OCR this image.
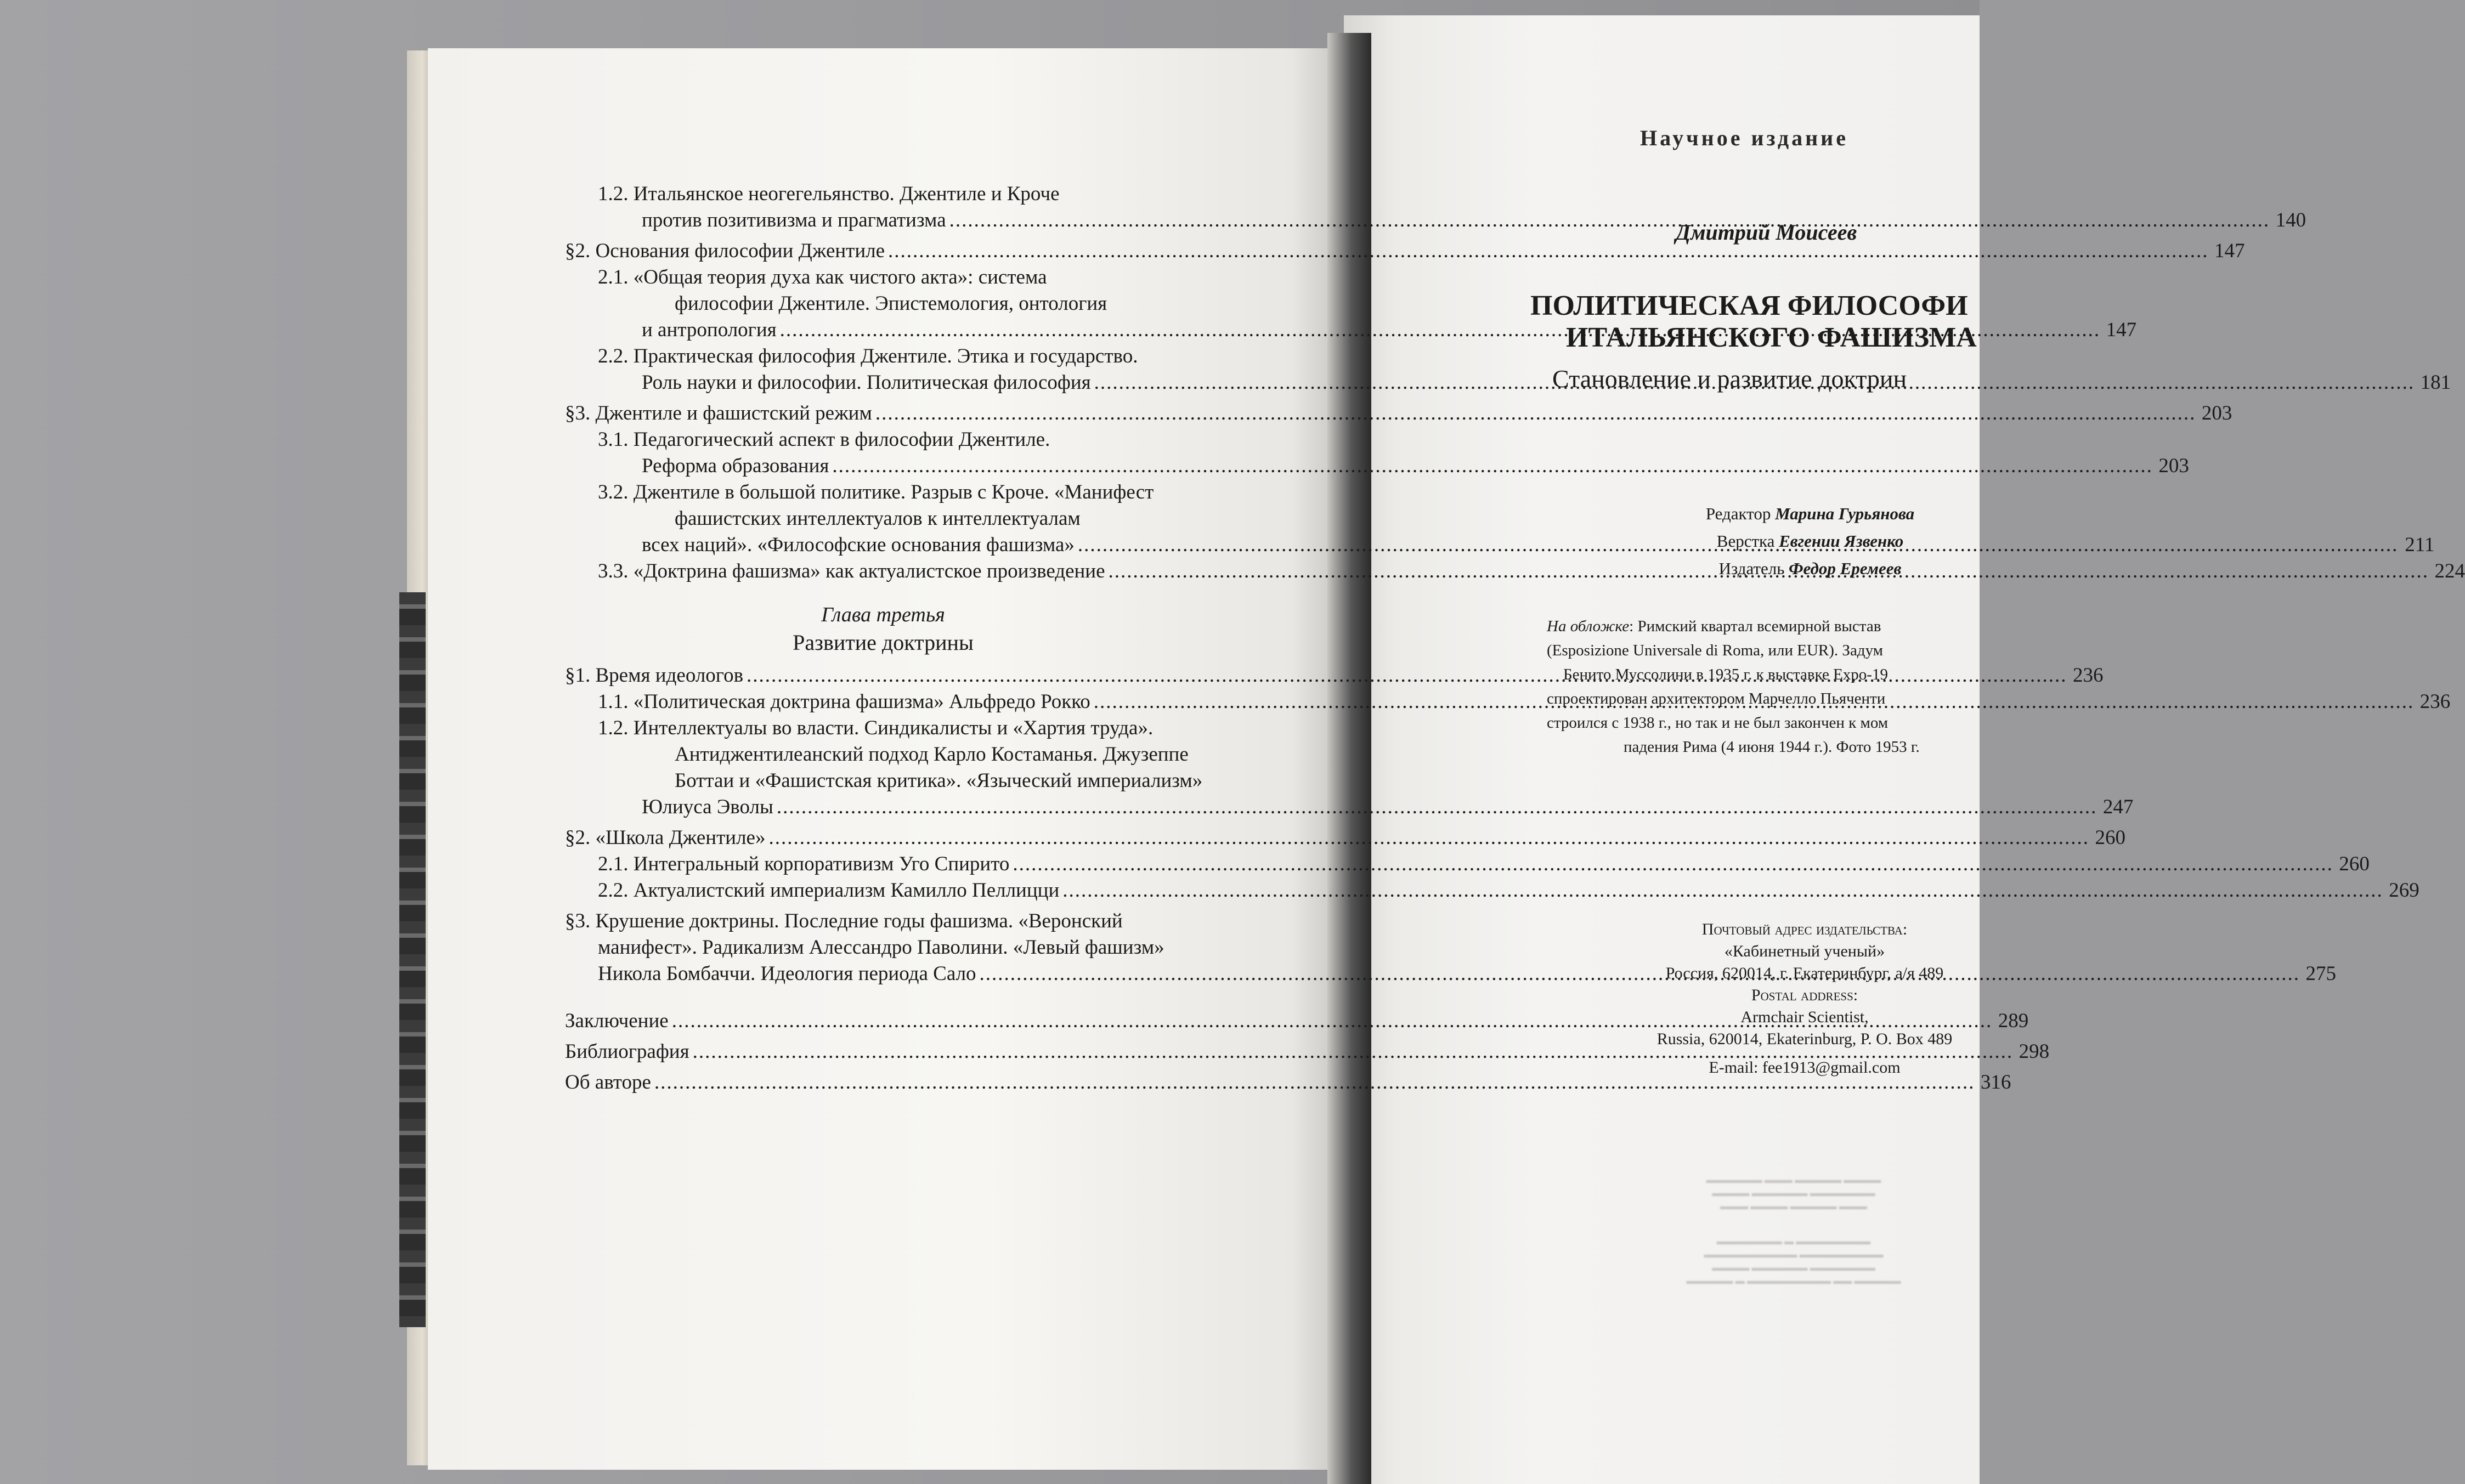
1.2. Итальянское неогегельянство. Джентиле и Кроче
против позитивизма и прагматизма .....	140
§2. Основания философии Джентиле .....	147
2.1. «Общая теория духа как чистого акта»: система
философии Джентиле. Эпистемология, онтология
и антропология .....	147
2.2. Практическая философия Джентиле. Этика и государство.
Роль науки и философии. Политическая философия .....	181
§3. Джентиле и фашистский режим .....	203
3.1. Педагогический аспект в философии Джентиле.
Реформа образования .....	203
3.2. Джентиле в большой политике. Разрыв с Кроче. «Манифест
фашистских интеллектуалов к интеллектуалам
всех наций». «Философские основания фашизма» .....	211
3.3. «Доктрина фашизма» как актуалистское произведение .....	224
Глава третья
Развитие доктрины
§1. Время идеологов .....	236
1.1. «Политическая доктрина фашизма» Альфредо Рокко .....	236
1.2. Интеллектуалы во власти. Синдикалисты и «Хартия труда».
Антиджентилеанский подход Карло Костаманья. Джузеппе
Боттаи и «Фашистская критика». «Языческий империализм»
Юлиуса Эволы .....	247
§2. «Школа Джентиле» .....	260
2.1. Интегральный корпоративизм Уго Спирито .....	260
2.2. Актуалистский империализм Камилло Пеллицци .....	269
§3. Крушение доктрины. Последние годы фашизма. «Веронский
манифест». Радикализм Алессандро Паволини. «Левый фашизм»
Никола Бомбаччи. Идеология периода Сало .....	275
Заключение .....	289
Библиография .....	298
Об авторе .....	316
Научное издание
Дмитрий Моисеев
ПОЛИТИЧЕСКАЯ ФИЛОСОФИ
ИТАЛЬЯНСКОГО ФАШИЗМА
Становление и развитие доктрин
Редактор Марина Гурьянова
Верстка Евгении Язвенко
Издатель Федор Еремеев
На обложке: Римский квартал всемирной выстав
(Esposizione Universale di Roma, или EUR). Задум
Бенито Муссолини в 1935 г. к выставке Expo-19
спроектирован архитектором Марчелло Пьяченти
строился с 1938 г., но так и не был закончен к мом
падения Рима (4 июня 1944 г.). Фото 1953 г.
Почтовый адрес издательства:
«Кабинетный ученый»
Россия, 620014, г. Екатеринбург, а/я 489
Postal address:
Armchair Scientist,
Russia, 620014, Ekaterinburg, P. O. Box 489
E-mail: fee1913@gmail.com
▬▬▬▬▬▬ ▬▬▬ ▬▬▬▬▬ ▬▬▬▬
▬▬▬▬ ▬▬▬▬▬▬ ▬▬▬▬▬▬▬
▬▬▬ ▬▬▬▬ ▬▬▬▬▬ ▬▬▬
▬▬▬▬▬▬▬ ▬ ▬▬▬▬▬▬▬▬
▬▬▬▬▬▬▬▬▬▬ ▬▬▬▬▬▬▬▬▬
▬▬▬▬ ▬▬▬▬▬▬ ▬▬▬▬▬▬▬
▬▬▬▬▬ ▬ ▬▬▬▬▬▬▬▬▬ ▬▬ ▬▬▬▬▬
